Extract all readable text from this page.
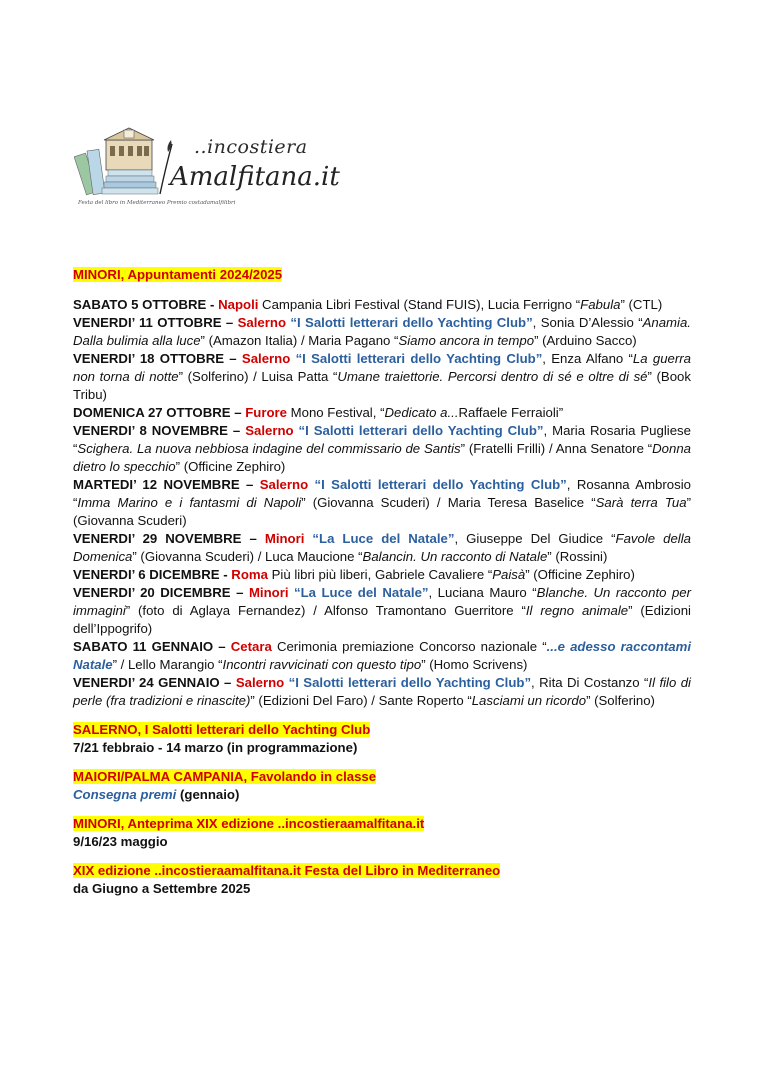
..incostiera
Amalfitana.it
Festa del libro in Mediterraneo Premio costadamalfilibri
MINORI, Appuntamenti 2024/2025

SABATO 5 OTTOBRE - Napoli Campania Libri Festival (Stand FUIS), Lucia Ferrigno “Fabula” (CTL)

VENERDI’ 11 OTTOBRE – Salerno “I Salotti letterari dello Yachting Club”, Sonia D’Alessio “Anamia. Dalla bulimia alla luce” (Amazon Italia) / Maria Pagano “Siamo ancora in tempo” (Arduino Sacco)

VENERDI’ 18 OTTOBRE – Salerno “I Salotti letterari dello Yachting Club”, Enza Alfano “La guerra non torna di notte” (Solferino) / Luisa Patta “Umane traiettorie. Percorsi dentro di sé e oltre di sé” (Book Tribu)

DOMENICA 27 OTTOBRE – Furore Mono Festival, “Dedicato a...Raffaele Ferraioli”

VENERDI’ 8 NOVEMBRE – Salerno “I Salotti letterari dello Yachting Club”, Maria Rosaria Pugliese “Scighera. La nuova nebbiosa indagine del commissario de Santis” (Fratelli Frilli) / Anna Senatore “Donna dietro lo specchio” (Officine Zephiro)

MARTEDI’ 12 NOVEMBRE – Salerno “I Salotti letterari dello Yachting Club”, Rosanna Ambrosio “Imma Marino e i fantasmi di Napoli” (Giovanna Scuderi) / Maria Teresa Baselice “Sarà terra Tua” (Giovanna Scuderi)

VENERDI’ 29 NOVEMBRE – Minori “La Luce del Natale”, Giuseppe Del Giudice “Favole della Domenica” (Giovanna Scuderi) / Luca Maucione “Balancin. Un racconto di Natale” (Rossini)

VENERDI’ 6 DICEMBRE - Roma Più libri più liberi, Gabriele Cavaliere “Paisà” (Officine Zephiro)

VENERDI’ 20 DICEMBRE – Minori “La Luce del Natale”, Luciana Mauro “Blanche. Un racconto per immagini” (foto di Aglaya Fernandez) / Alfonso Tramontano Guerritore “Il regno animale” (Edizioni dell’Ippogrifo)

SABATO 11 GENNAIO – Cetara Cerimonia premiazione Concorso nazionale “...e adesso raccontami Natale” / Lello Marangio “Incontri ravvicinati con questo tipo” (Homo Scrivens)

VENERDI’ 24 GENNAIO – Salerno “I Salotti letterari dello Yachting Club”, Rita Di Costanzo “Il filo di perle (fra tradizioni e rinascite)” (Edizioni Del Faro) / Sante Roperto “Lasciami un ricordo” (Solferino)

SALERNO, I Salotti letterari dello Yachting Club
7/21 febbraio - 14 marzo (in programmazione)
MAIORI/PALMA CAMPANIA, Favolando in classe
Consegna premi (gennaio)
MINORI, Anteprima XIX edizione ..incostieraamalfitana.it
9/16/23 maggio
XIX edizione ..incostieraamalfitana.it Festa del Libro in Mediterraneo
da Giugno a Settembre 2025
